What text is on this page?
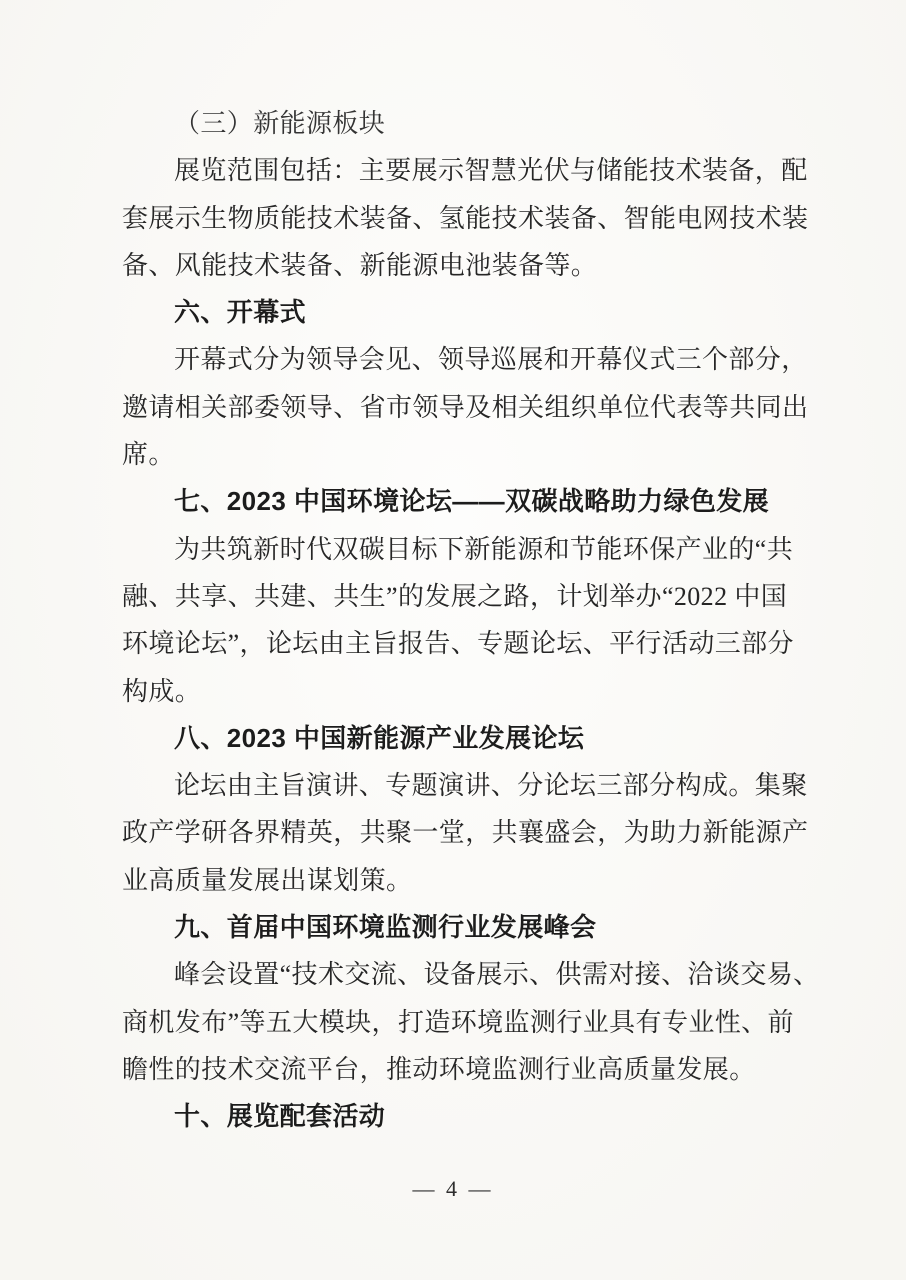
（三）新能源板块
展览范围包括：主要展示智慧光伏与储能技术装备，配
套展示生物质能技术装备、氢能技术装备、智能电网技术装
备、风能技术装备、新能源电池装备等。
六、开幕式
开幕式分为领导会见、领导巡展和开幕仪式三个部分，
邀请相关部委领导、省市领导及相关组织单位代表等共同出
席。
七、2023 中国环境论坛——双碳战略助力绿色发展
为共筑新时代双碳目标下新能源和节能环保产业的“共
融、共享、共建、共生”的发展之路，计划举办“2022 中国
环境论坛”，论坛由主旨报告、专题论坛、平行活动三部分
构成。
八、2023 中国新能源产业发展论坛
论坛由主旨演讲、专题演讲、分论坛三部分构成。集聚
政产学研各界精英，共聚一堂，共襄盛会，为助力新能源产
业高质量发展出谋划策。
九、首届中国环境监测行业发展峰会
峰会设置“技术交流、设备展示、供需对接、洽谈交易、
商机发布”等五大模块，打造环境监测行业具有专业性、前
瞻性的技术交流平台，推动环境监测行业高质量发展。
十、展览配套活动
— 4 —
